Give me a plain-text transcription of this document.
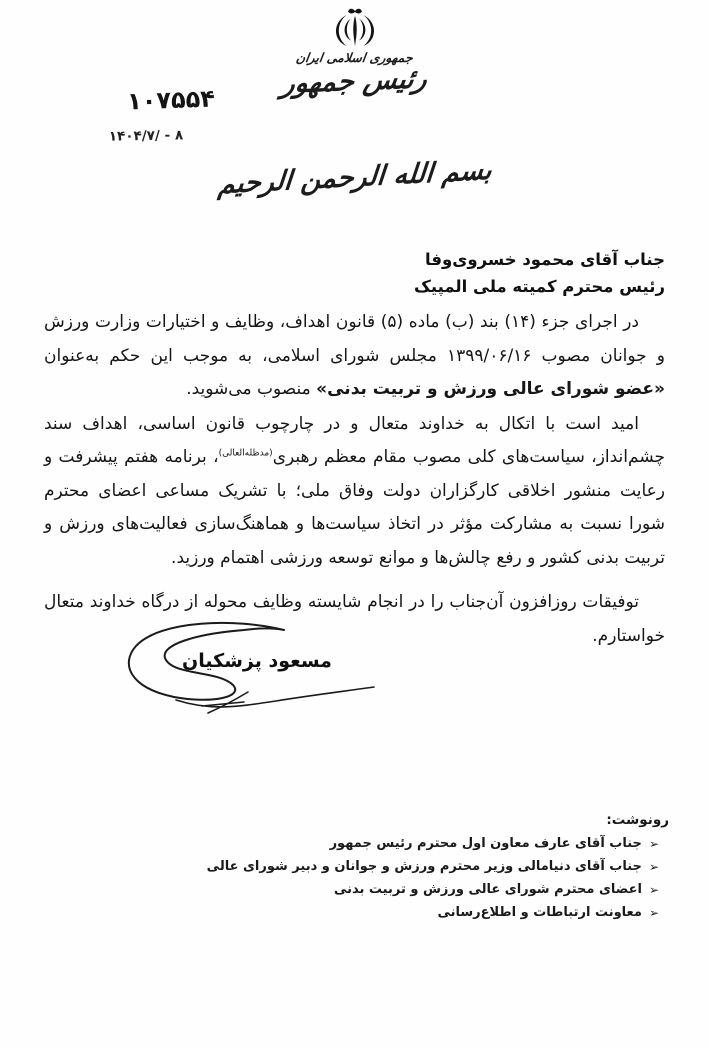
جمهوری اسلامی ایران
رئیس جمهور
۱۰۷۵۵۴
۱۴۰۴/۷/ - ۸
بسم الله الرحمن الرحیم
جناب آقای محمود خسروی‌وفا
رئیس محترم کمیته ملی المپیک

در اجرای جزء (۱۴) بند (ب) ماده (۵) قانون اهداف، وظایف و اختیارات وزارت ورزش و جوانان مصوب ۱۳۹۹/۰۶/۱۶ مجلس شورای اسلامی، به موجب این حکم به‌عنوان «عضو شورای عالی ورزش و تربیت بدنی» منصوب می‌شوید.

امید است با اتکال به خداوند متعال و در چارچوب قانون اساسی، اهداف سند چشم‌انداز، سیاست‌های کلی مصوب مقام معظم رهبری$^{(مدظله‌العالی)}$، برنامه هفتم پیشرفت و رعایت منشور اخلاقی کارگزاران دولت وفاق ملی؛ با تشریک مساعی اعضای محترم شورا نسبت به مشارکت مؤثر در اتخاذ سیاست‌ها و هماهنگ‌سازی فعالیت‌های ورزش و تربیت بدنی کشور و رفع چالش‌ها و موانع توسعه ورزشی اهتمام ورزید.

توفیقات روزافزون آن‌جناب را در انجام شایسته وظایف محوله از درگاه خداوند متعال خواستارم.

مسعود پزشکیان

رونوشت:

➢جناب آقای عارف معاون اول محترم رئیس جمهور
➢جناب آقای دنیامالی وزیر محترم ورزش و جوانان و دبیر شورای عالی
➢اعضای محترم شورای عالی ورزش و تربیت بدنی
➢معاونت ارتباطات و اطلاع‌رسانی
